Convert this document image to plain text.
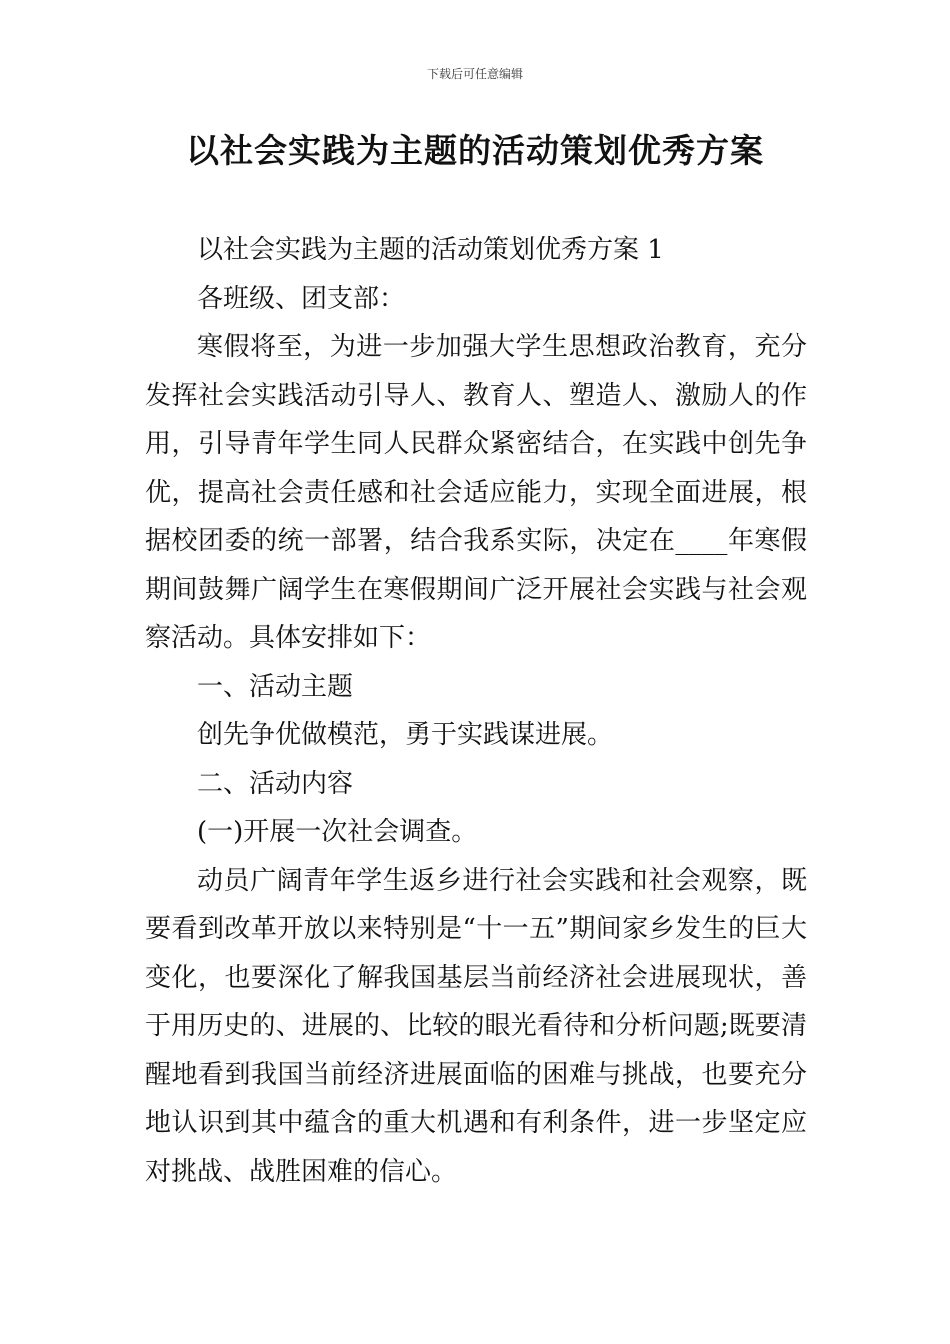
下载后可任意编辑
以社会实践为主题的活动策划优秀方案

以社会实践为主题的活动策划优秀方案 1

各班级、团支部：

寒假将至，为进一步加强大学生思想政治教育，充分发挥社会实践活动引导人、教育人、塑造人、激励人的作用，引导青年学生同人民群众紧密结合，在实践中创先争优，提高社会责任感和社会适应能力，实现全面进展，根据校团委的统一部署，结合我系实际，决定在____年寒假期间鼓舞广阔学生在寒假期间广泛开展社会实践与社会观察活动。具体安排如下：

一、活动主题

创先争优做模范，勇于实践谋进展。

二、活动内容

(一)开展一次社会调查。

动员广阔青年学生返乡进行社会实践和社会观察，既要看到改革开放以来特别是“十一五”期间家乡发生的巨大变化，也要深化了解我国基层当前经济社会进展现状，善于用历史的、进展的、比较的眼光看待和分析问题;既要清醒地看到我国当前经济进展面临的困难与挑战，也要充分地认识到其中蕴含的重大机遇和有利条件，进一步坚定应对挑战、战胜困难的信心。
